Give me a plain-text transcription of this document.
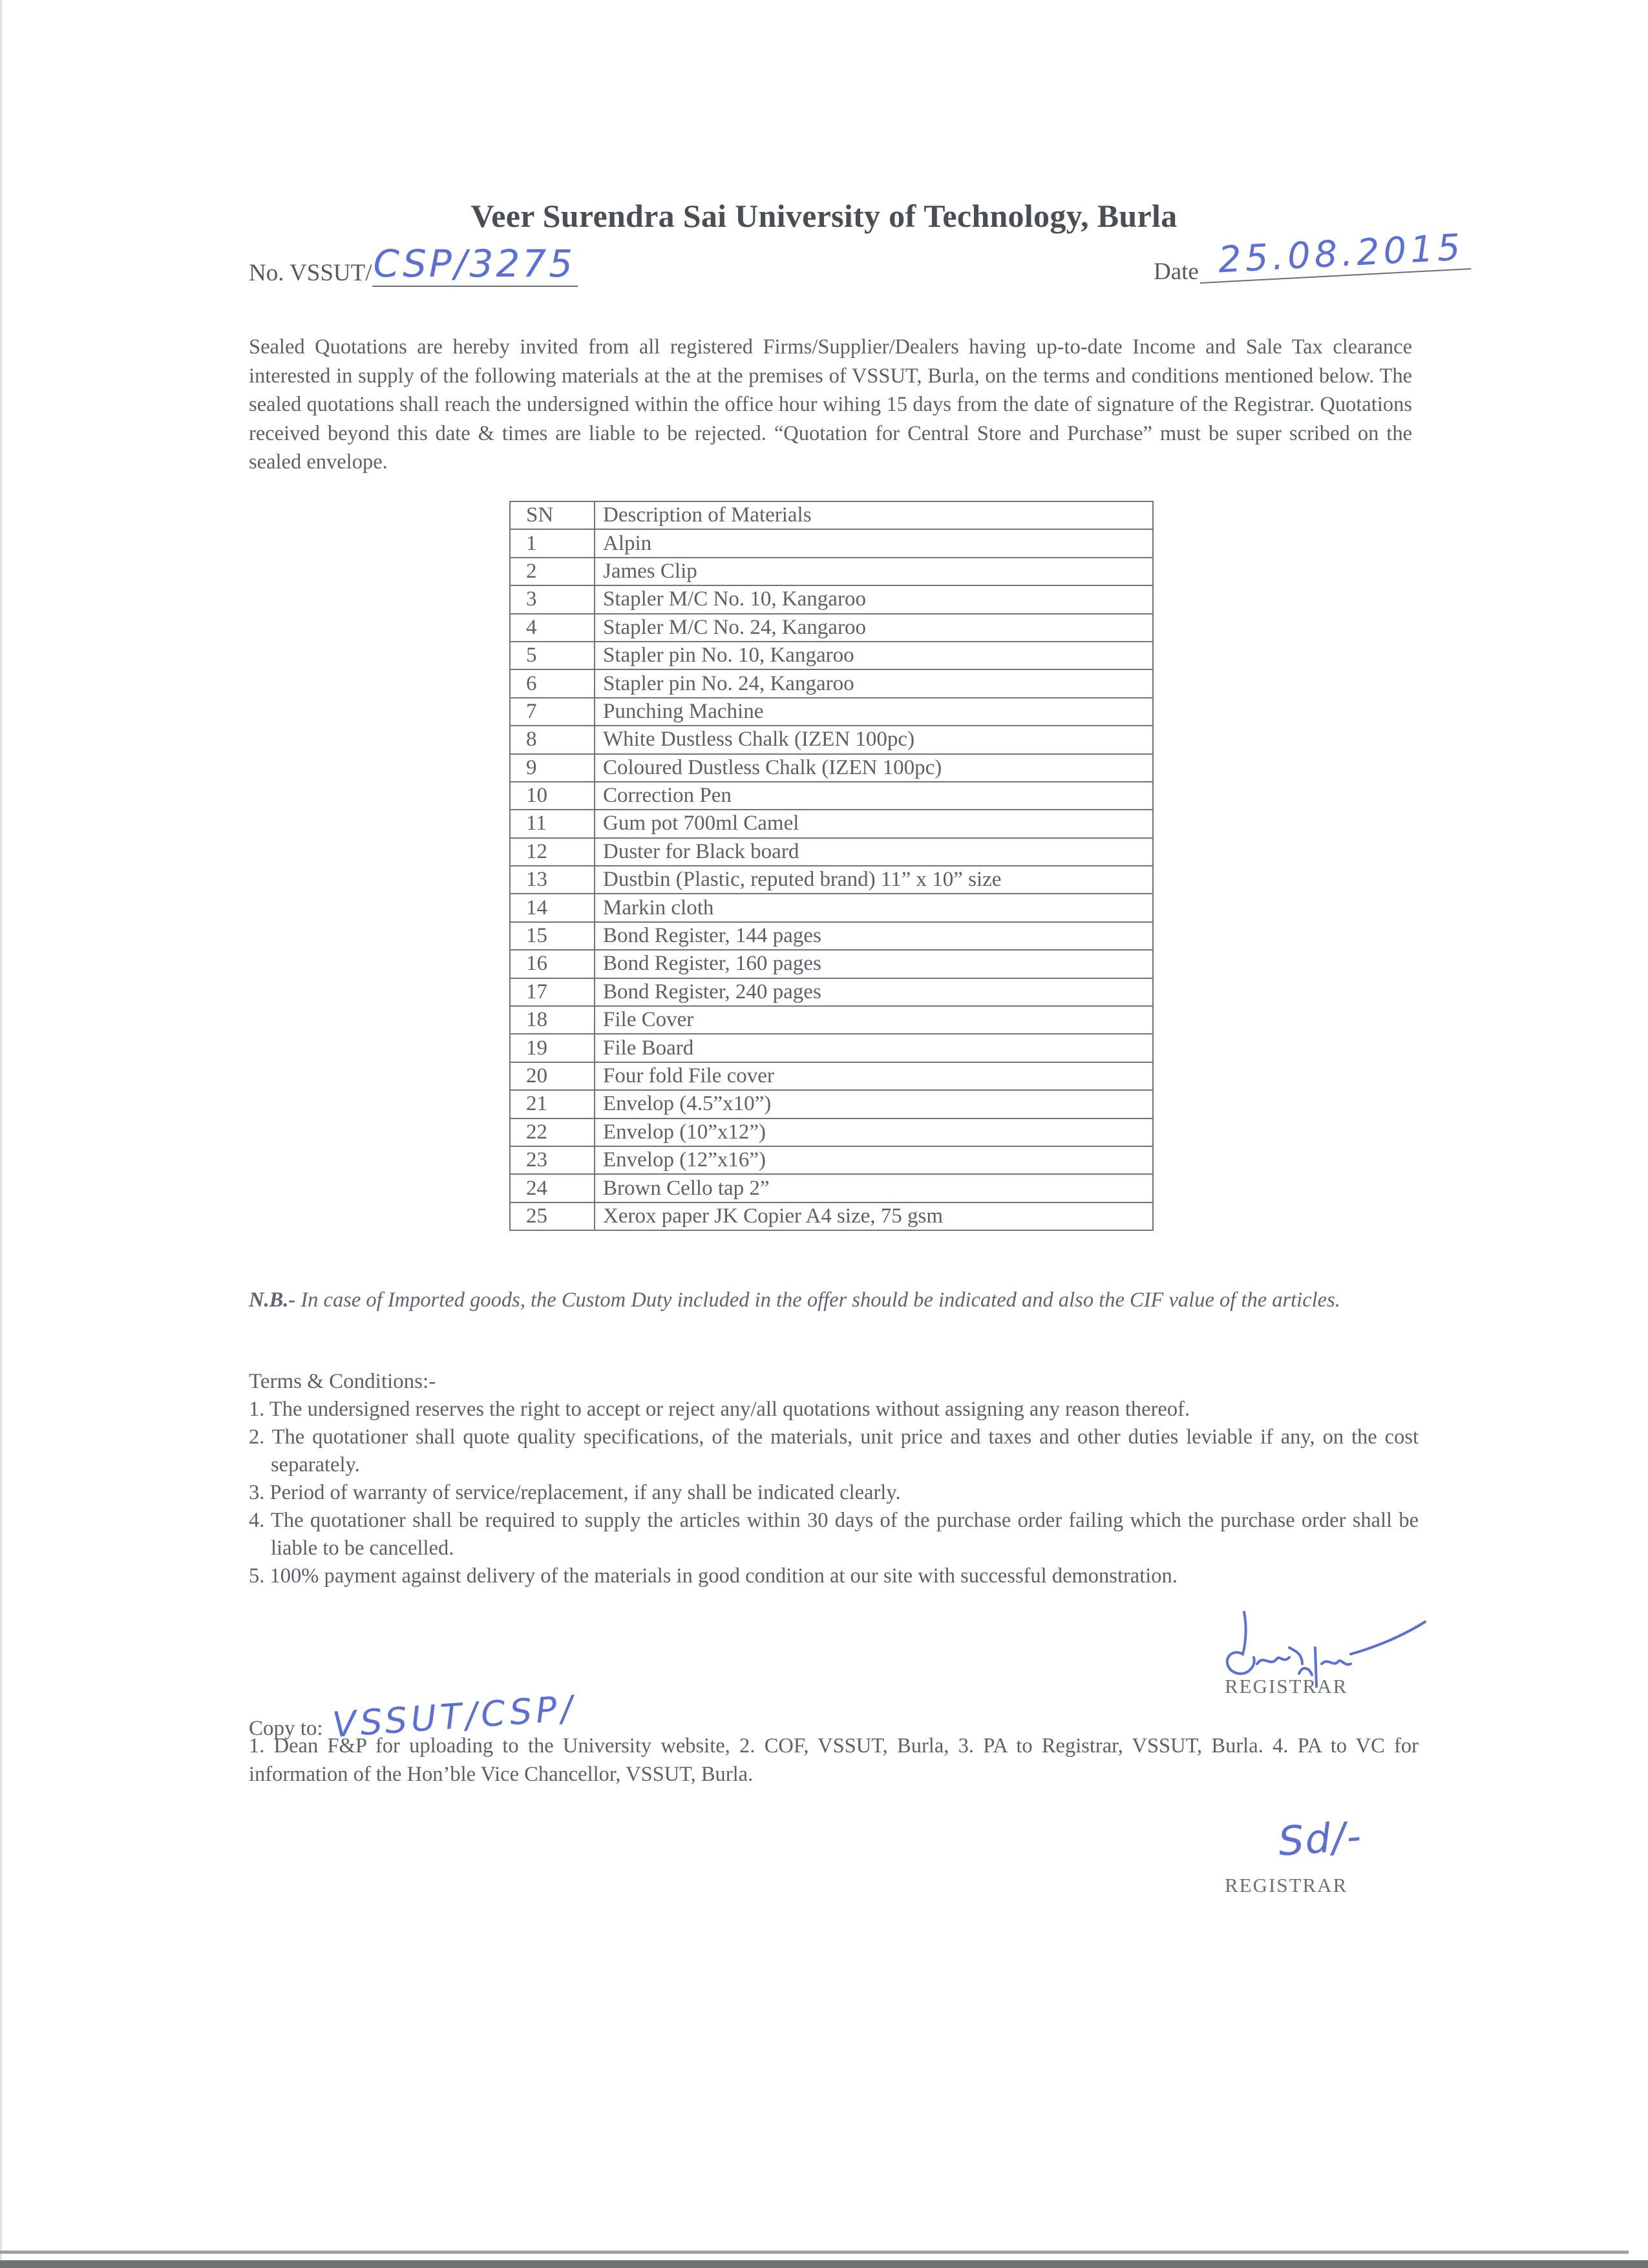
Veer Surendra Sai University of Technology, Burla
No. VSSUT/CSP/3275	Date 25.08.2015
Sealed Quotations are hereby invited from all registered Firms/Supplier/Dealers having up-to-date Income and Sale Tax clearance interested in supply of the following materials at the at the premises of VSSUT, Burla, on the terms and conditions mentioned below. The sealed quotations shall reach the undersigned within the office hour wihing 15 days from the date of signature of the Registrar. Quotations received beyond this date & times are liable to be rejected. “Quotation for Central Store and Purchase” must be super scribed on the sealed envelope.
SN	Description of Materials
1	Alpin
2	James Clip
3	Stapler M/C No. 10, Kangaroo
4	Stapler M/C No. 24, Kangaroo
5	Stapler pin No. 10, Kangaroo
6	Stapler pin No. 24, Kangaroo
7	Punching Machine
8	White Dustless Chalk (IZEN 100pc)
9	Coloured Dustless Chalk (IZEN 100pc)
10	Correction Pen
11	Gum pot 700ml Camel
12	Duster for Black board
13	Dustbin (Plastic, reputed brand) 11” x 10” size
14	Markin cloth
15	Bond Register, 144 pages
16	Bond Register, 160 pages
17	Bond Register, 240 pages
18	File Cover
19	File Board
20	Four fold File cover
21	Envelop (4.5”x10”)
22	Envelop (10”x12”)
23	Envelop (12”x16”)
24	Brown Cello tap 2”
25	Xerox paper JK Copier A4 size, 75 gsm
N.B.- In case of Imported goods, the Custom Duty included in the offer should be indicated and also the CIF value of the articles.
Terms & Conditions:-
1. The undersigned reserves the right to accept or reject any/all quotations without assigning any reason thereof.
2. The quotationer shall quote quality specifications, of the materials, unit price and taxes and other duties leviable if any, on the cost separately.
3. Period of warranty of service/replacement, if any shall be indicated clearly.
4. The quotationer shall be required to supply the articles within 30 days of the purchase order failing which the purchase order shall be liable to be cancelled.
5. 100% payment against delivery of the materials in good condition at our site with successful demonstration.
REGISTRAR
Copy to: VSSUT/CSP/
1. Dean F&P for uploading to the University website, 2. COF, VSSUT, Burla, 3. PA to Registrar, VSSUT, Burla. 4. PA to VC for information of the Hon’ble Vice Chancellor, VSSUT, Burla.
Sd/-
REGISTRAR
